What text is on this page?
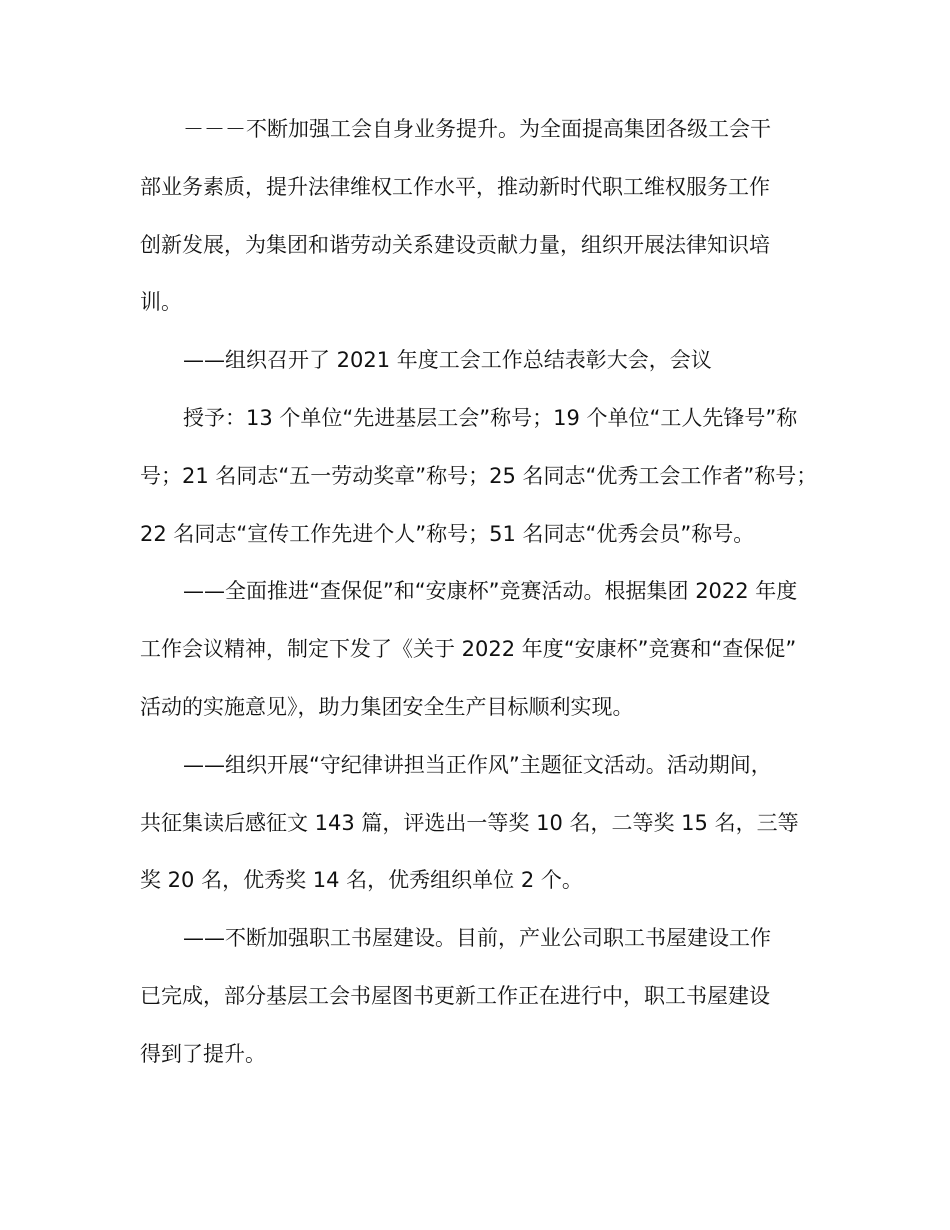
－－－不断加强工会自身业务提升。为全面提高集团各级工会干
部业务素质，提升法律维权工作水平，推动新时代职工维权服务工作
创新发展，为集团和谐劳动关系建设贡献力量，组织开展法律知识培
训。
——组织召开了 2021 年度工会工作总结表彰大会，会议
授予：13 个单位“先进基层工会”称号；19 个单位“工人先锋号”称
号；21 名同志“五一劳动奖章”称号；25 名同志“优秀工会工作者”称号；
22 名同志“宣传工作先进个人”称号；51 名同志“优秀会员”称号。
——全面推进“查保促”和“安康杯”竞赛活动。根据集团 2022 年度
工作会议精神，制定下发了《关于 2022 年度“安康杯”竞赛和“查保促”
活动的实施意见》，助力集团安全生产目标顺利实现。
——组织开展“守纪律讲担当正作风”主题征文活动。活动期间，
共征集读后感征文 143 篇，评选出一等奖 10 名，二等奖 15 名，三等
奖 20 名，优秀奖 14 名，优秀组织单位 2 个。
——不断加强职工书屋建设。目前，产业公司职工书屋建设工作
已完成，部分基层工会书屋图书更新工作正在进行中，职工书屋建设
得到了提升。
